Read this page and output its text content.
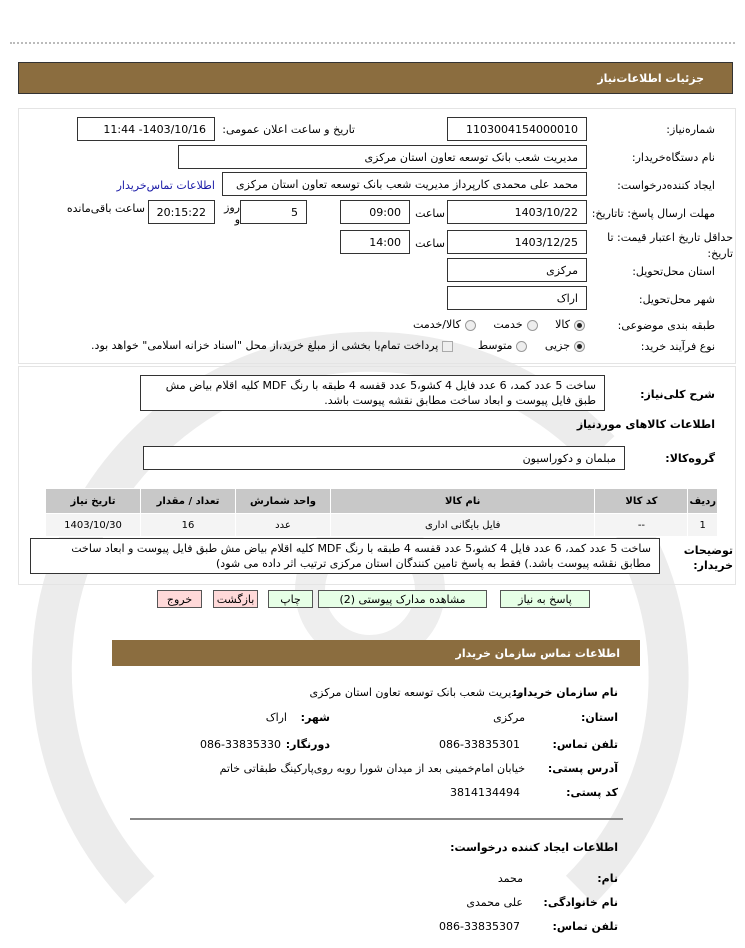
جزئیات اطلاعات‌نیاز
شماره‌نیاز:
1103004154000010
تاریخ و ساعت اعلان عمومی:
1403/10/16- 11:44
نام دستگاه‌خریدار:
مدیریت شعب بانک توسعه تعاون استان مرکزی
ایجاد کننده‌درخواست:
محمد علی محمدی کارپرداز مدیریت شعب بانک توسعه تعاون استان مرکزی
اطلاعات تماس‌خریدار
مهلت ارسال پاسخ: تاتاریخ:
1403/10/22
ساعت
09:00
5
روز و
20:15:22
ساعت باقی‌مانده
حداقل تاریخ اعتبار قیمت: تا تاریخ:
1403/12/25
ساعت
14:00
استان محل‌تحویل:
مرکزی
شهر محل‌تحویل:
اراک
طبقه بندی موضوعی:
کالا     خدمت     کالا/خدمت
نوع فرآیند خرید:
جزیی     متوسط       پرداخت تمام‌یا بخشی از مبلغ خرید،از محل "اسناد خزانه اسلامی" خواهد بود.
شرح کلی‌نیاز:
ساخت 5 عدد کمد، 6 عدد فایل 4 کشو،5 عدد قفسه 4 طبقه با رنگ MDF کلیه اقلام بیاض مش طبق فایل پیوست و ابعاد ساخت مطابق نقشه پیوست باشد.
اطلاعات کالاهای موردنیاز
گروه‌کالا:
مبلمان و دکوراسیون
ردیف	کد کالا	نام کالا	واحد شمارش	تعداد / مقدار	تاریخ نیاز
1	--	فایل بایگانی اداری	عدد	16	1403/10/30
توضیحات خریدار:
ساخت 5 عدد کمد، 6 عدد فایل 4 کشو،5 عدد قفسه 4 طبقه با رنگ MDF کلیه اقلام بیاض مش طبق فایل پیوست و ابعاد ساخت مطابق نقشه پیوست باشد.) فقط به پاسخ تامین کنندگان استان مرکزی ترتیب اثر داده می شود)
پاسخ به نیاز
مشاهده مدارک پیوستی (2)
چاپ
بازگشت
خروج
اطلاعات تماس سازمان خریدار
نام سازمان خریدار:
مدیریت شعب بانک توسعه تعاون استان مرکزی
استان:
مرکزی
شهر:
اراک
تلفن تماس:
086-33835301
دورنگار:
086-33835330
آدرس پستی:
خیابان امام‌خمینی بعد از میدان شورا روبه روی‌پارکینگ طبقاتی خاتم
کد پستی:
3814134494
اطلاعات ایجاد کننده درخواست:
نام:
محمد
نام خانوادگی:
علی محمدی
تلفن تماس:
086-33835307
